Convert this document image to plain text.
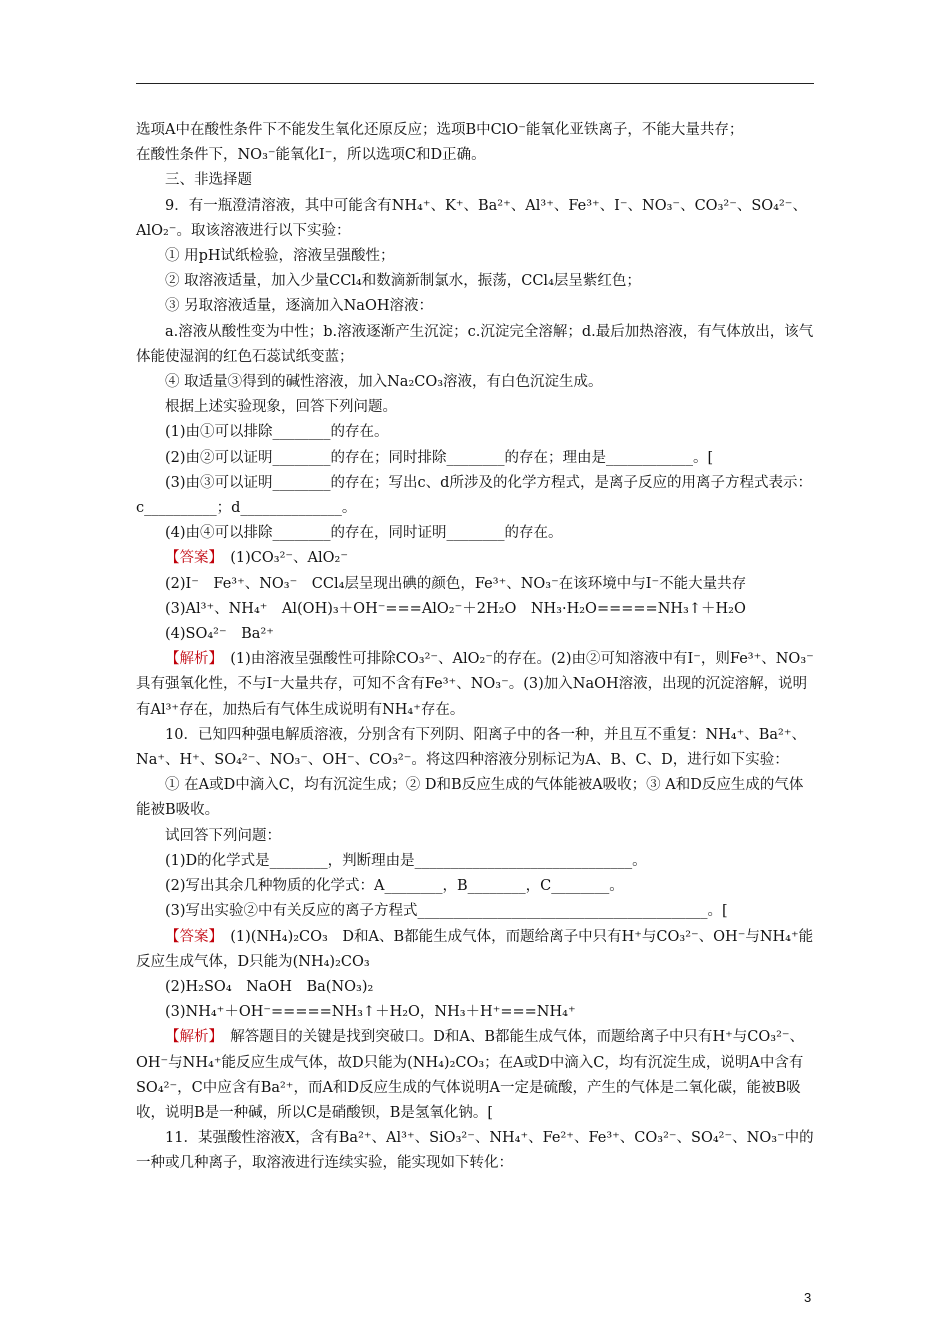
选项A中在酸性条件下不能发生氧化还原反应；选项B中ClO⁻能氧化亚铁离子，不能大量共存；

在酸性条件下，NO₃⁻能氧化I⁻，所以选项C和D正确。

三、非选择题

9．有一瓶澄清溶液，其中可能含有NH₄⁺、K⁺、Ba²⁺、Al³⁺、Fe³⁺、I⁻、NO₃⁻、CO₃²⁻、SO₄²⁻、AlO₂⁻。取该溶液进行以下实验：

① 用pH试纸检验，溶液呈强酸性；

② 取溶液适量，加入少量CCl₄和数滴新制氯水，振荡，CCl₄层呈紫红色；

③ 另取溶液适量，逐滴加入NaOH溶液：

a.溶液从酸性变为中性；b.溶液逐渐产生沉淀；c.沉淀完全溶解；d.最后加热溶液，有气体放出，该气体能使湿润的红色石蕊试纸变蓝；

④ 取适量③得到的碱性溶液，加入Na₂CO₃溶液，有白色沉淀生成。

根据上述实验现象，回答下列问题。

(1)由①可以排除________的存在。

(2)由②可以证明________的存在；同时排除________的存在；理由是____________。[

(3)由③可以证明________的存在；写出c、d所涉及的化学方程式，是离子反应的用离子方程式表示：c__________；d______________。

(4)由④可以排除________的存在，同时证明________的存在。

【答案】　(1)CO₃²⁻、AlO₂⁻

(2)I⁻　Fe³⁺、NO₃⁻　CCl₄层呈现出碘的颜色，Fe³⁺、NO₃⁻在该环境中与I⁻不能大量共存

(3)Al³⁺、NH₄⁺　Al(OH)₃＋OH⁻===AlO₂⁻＋2H₂O　NH₃·H₂O=====NH₃↑＋H₂O

(4)SO₄²⁻　Ba²⁺

【解析】　(1)由溶液呈强酸性可排除CO₃²⁻、AlO₂⁻的存在。(2)由②可知溶液中有I⁻，则Fe³⁺、NO₃⁻具有强氧化性，不与I⁻大量共存，可知不含有Fe³⁺、NO₃⁻。(3)加入NaOH溶液，出现的沉淀溶解，说明有Al³⁺存在，加热后有气体生成说明有NH₄⁺存在。

10．已知四种强电解质溶液，分别含有下列阴、阳离子中的各一种，并且互不重复：NH₄⁺、Ba²⁺、Na⁺、H⁺、SO₄²⁻、NO₃⁻、OH⁻、CO₃²⁻。将这四种溶液分别标记为A、B、C、D，进行如下实验：

① 在A或D中滴入C，均有沉淀生成；② D和B反应生成的气体能被A吸收；③ A和D反应生成的气体能被B吸收。

试回答下列问题：

(1)D的化学式是________，判断理由是______________________________。

(2)写出其余几种物质的化学式：A________，B________，C________。

(3)写出实验②中有关反应的离子方程式________________________________________。[

【答案】　(1)(NH₄)₂CO₃　D和A、B都能生成气体，而题给离子中只有H⁺与CO₃²⁻、OH⁻与NH₄⁺能反应生成气体，D只能为(NH₄)₂CO₃

(2)H₂SO₄　NaOH　Ba(NO₃)₂

(3)NH₄⁺＋OH⁻=====NH₃↑＋H₂O，NH₃＋H⁺===NH₄⁺

【解析】　解答题目的关键是找到突破口。D和A、B都能生成气体，而题给离子中只有H⁺与CO₃²⁻、OH⁻与NH₄⁺能反应生成气体，故D只能为(NH₄)₂CO₃；在A或D中滴入C，均有沉淀生成，说明A中含有SO₄²⁻，C中应含有Ba²⁺，而A和D反应生成的气体说明A一定是硫酸，产生的气体是二氧化碳，能被B吸收，说明B是一种碱，所以C是硝酸钡，B是氢氧化钠。[

11．某强酸性溶液X，含有Ba²⁺、Al³⁺、SiO₃²⁻、NH₄⁺、Fe²⁺、Fe³⁺、CO₃²⁻、SO₄²⁻、NO₃⁻中的一种或几种离子，取溶液进行连续实验，能实现如下转化：

3
